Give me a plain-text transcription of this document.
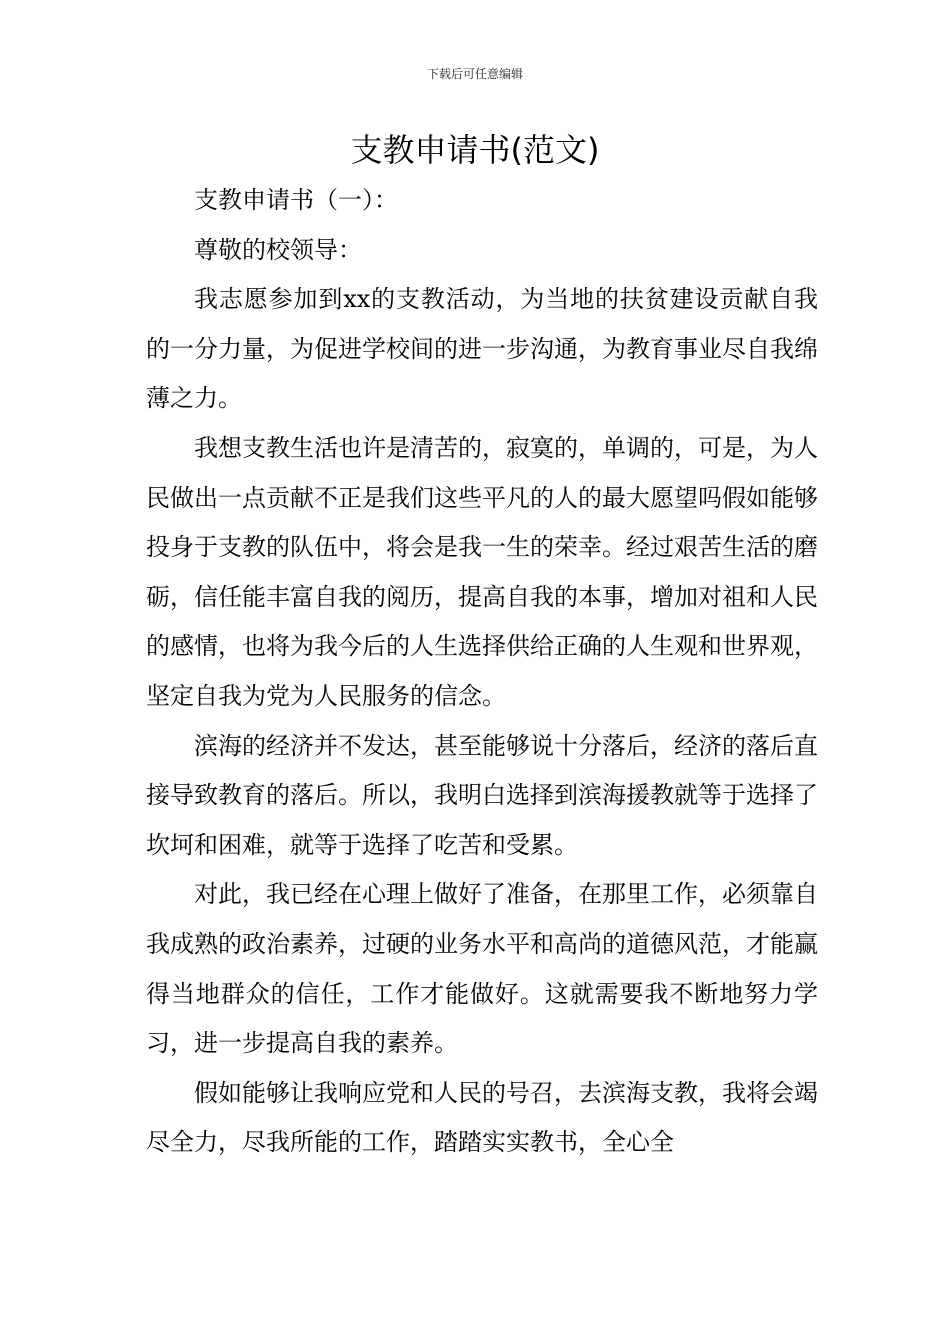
下载后可任意编辑
支教申请书(范文)

支教申请书（一）：

尊敬的校领导：

我志愿参加到xx的支教活动，为当地的扶贫建设贡献自我的一分力量，为促进学校间的进一步沟通，为教育事业尽自我绵薄之力。

我想支教生活也许是清苦的，寂寞的，单调的，可是，为人民做出一点贡献不正是我们这些平凡的人的最大愿望吗假如能够投身于支教的队伍中，将会是我一生的荣幸。经过艰苦生活的磨砺，信任能丰富自我的阅历，提高自我的本事，增加对祖和人民的感情，也将为我今后的人生选择供给正确的人生观和世界观，坚定自我为党为人民服务的信念。

滨海的经济并不发达，甚至能够说十分落后，经济的落后直接导致教育的落后。所以，我明白选择到滨海援教就等于选择了坎坷和困难，就等于选择了吃苦和受累。

对此，我已经在心理上做好了准备，在那里工作，必须靠自我成熟的政治素养，过硬的业务水平和高尚的道德风范，才能赢得当地群众的信任，工作才能做好。这就需要我不断地努力学习，进一步提高自我的素养。

假如能够让我响应党和人民的号召，去滨海支教，我将会竭尽全力，尽我所能的工作，踏踏实实教书，全心全
